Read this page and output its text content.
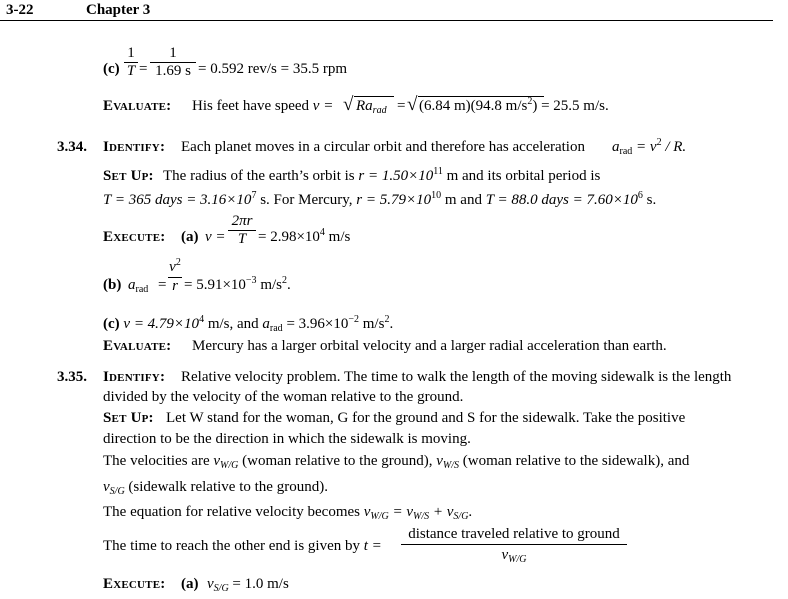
3-22	Chapter 3
(c)
1
T =
1
1.69 s = 0.592 rev/s = 35.5 rpm
Evaluate: His feet have speed v = √ $Ra_{rad}$ = √ (6.84 m)(94.8 $m/s^2) = 25.5$ m/s.
3.34. Identify: Each planet moves in a circular orbit and therefore has acceleration $a_{rad} = v^2 / R$.
Set Up: The radius of the earth’s orbit is $r = 1.50\times 10^{11}$ m and its orbital period is
T = 365 days = $3.16\times 10^7$ s. For Mercury, $r = 5.79\times 10^{10}$ m and T = 88.0 days = $7.60\times 10^6$ s.
Execute: (a) v =
2πr
$T = 2.98\times 10^4$ m/s
(b) $a_{rad}$ =
$v^2$
$r = 5.91\times 10^{-3}$ $m/s^2$.
(c) $v = 4.79\times 10^4$ m/s, and $a_{rad} = 3.96\times 10^{-2}$ $m/s^2$.
Evaluate: Mercury has a larger orbital velocity and a larger radial acceleration than earth.
3.35. Identify: Relative velocity problem. The time to walk the length of the moving sidewalk is the length
divided by the velocity of the woman relative to the ground.
Set Up: Let W stand for the woman, G for the ground and S for the sidewalk. Take the positive
direction to be the direction in which the sidewalk is moving.
The velocities are $v_{W/G}$ (woman relative to the ground), $v_{W/S}$ (woman relative to the sidewalk), and
$v_{S/G}$ (sidewalk relative to the ground).
The equation for relative velocity becomes $v_{W/G} = v_{W/S} + v_{S/G}$.
The time to reach the other end is given by t =
distance traveled relative to ground
$v_{W/G}$
Execute: (a) $v_{S/G} = 1.0$ m/s
